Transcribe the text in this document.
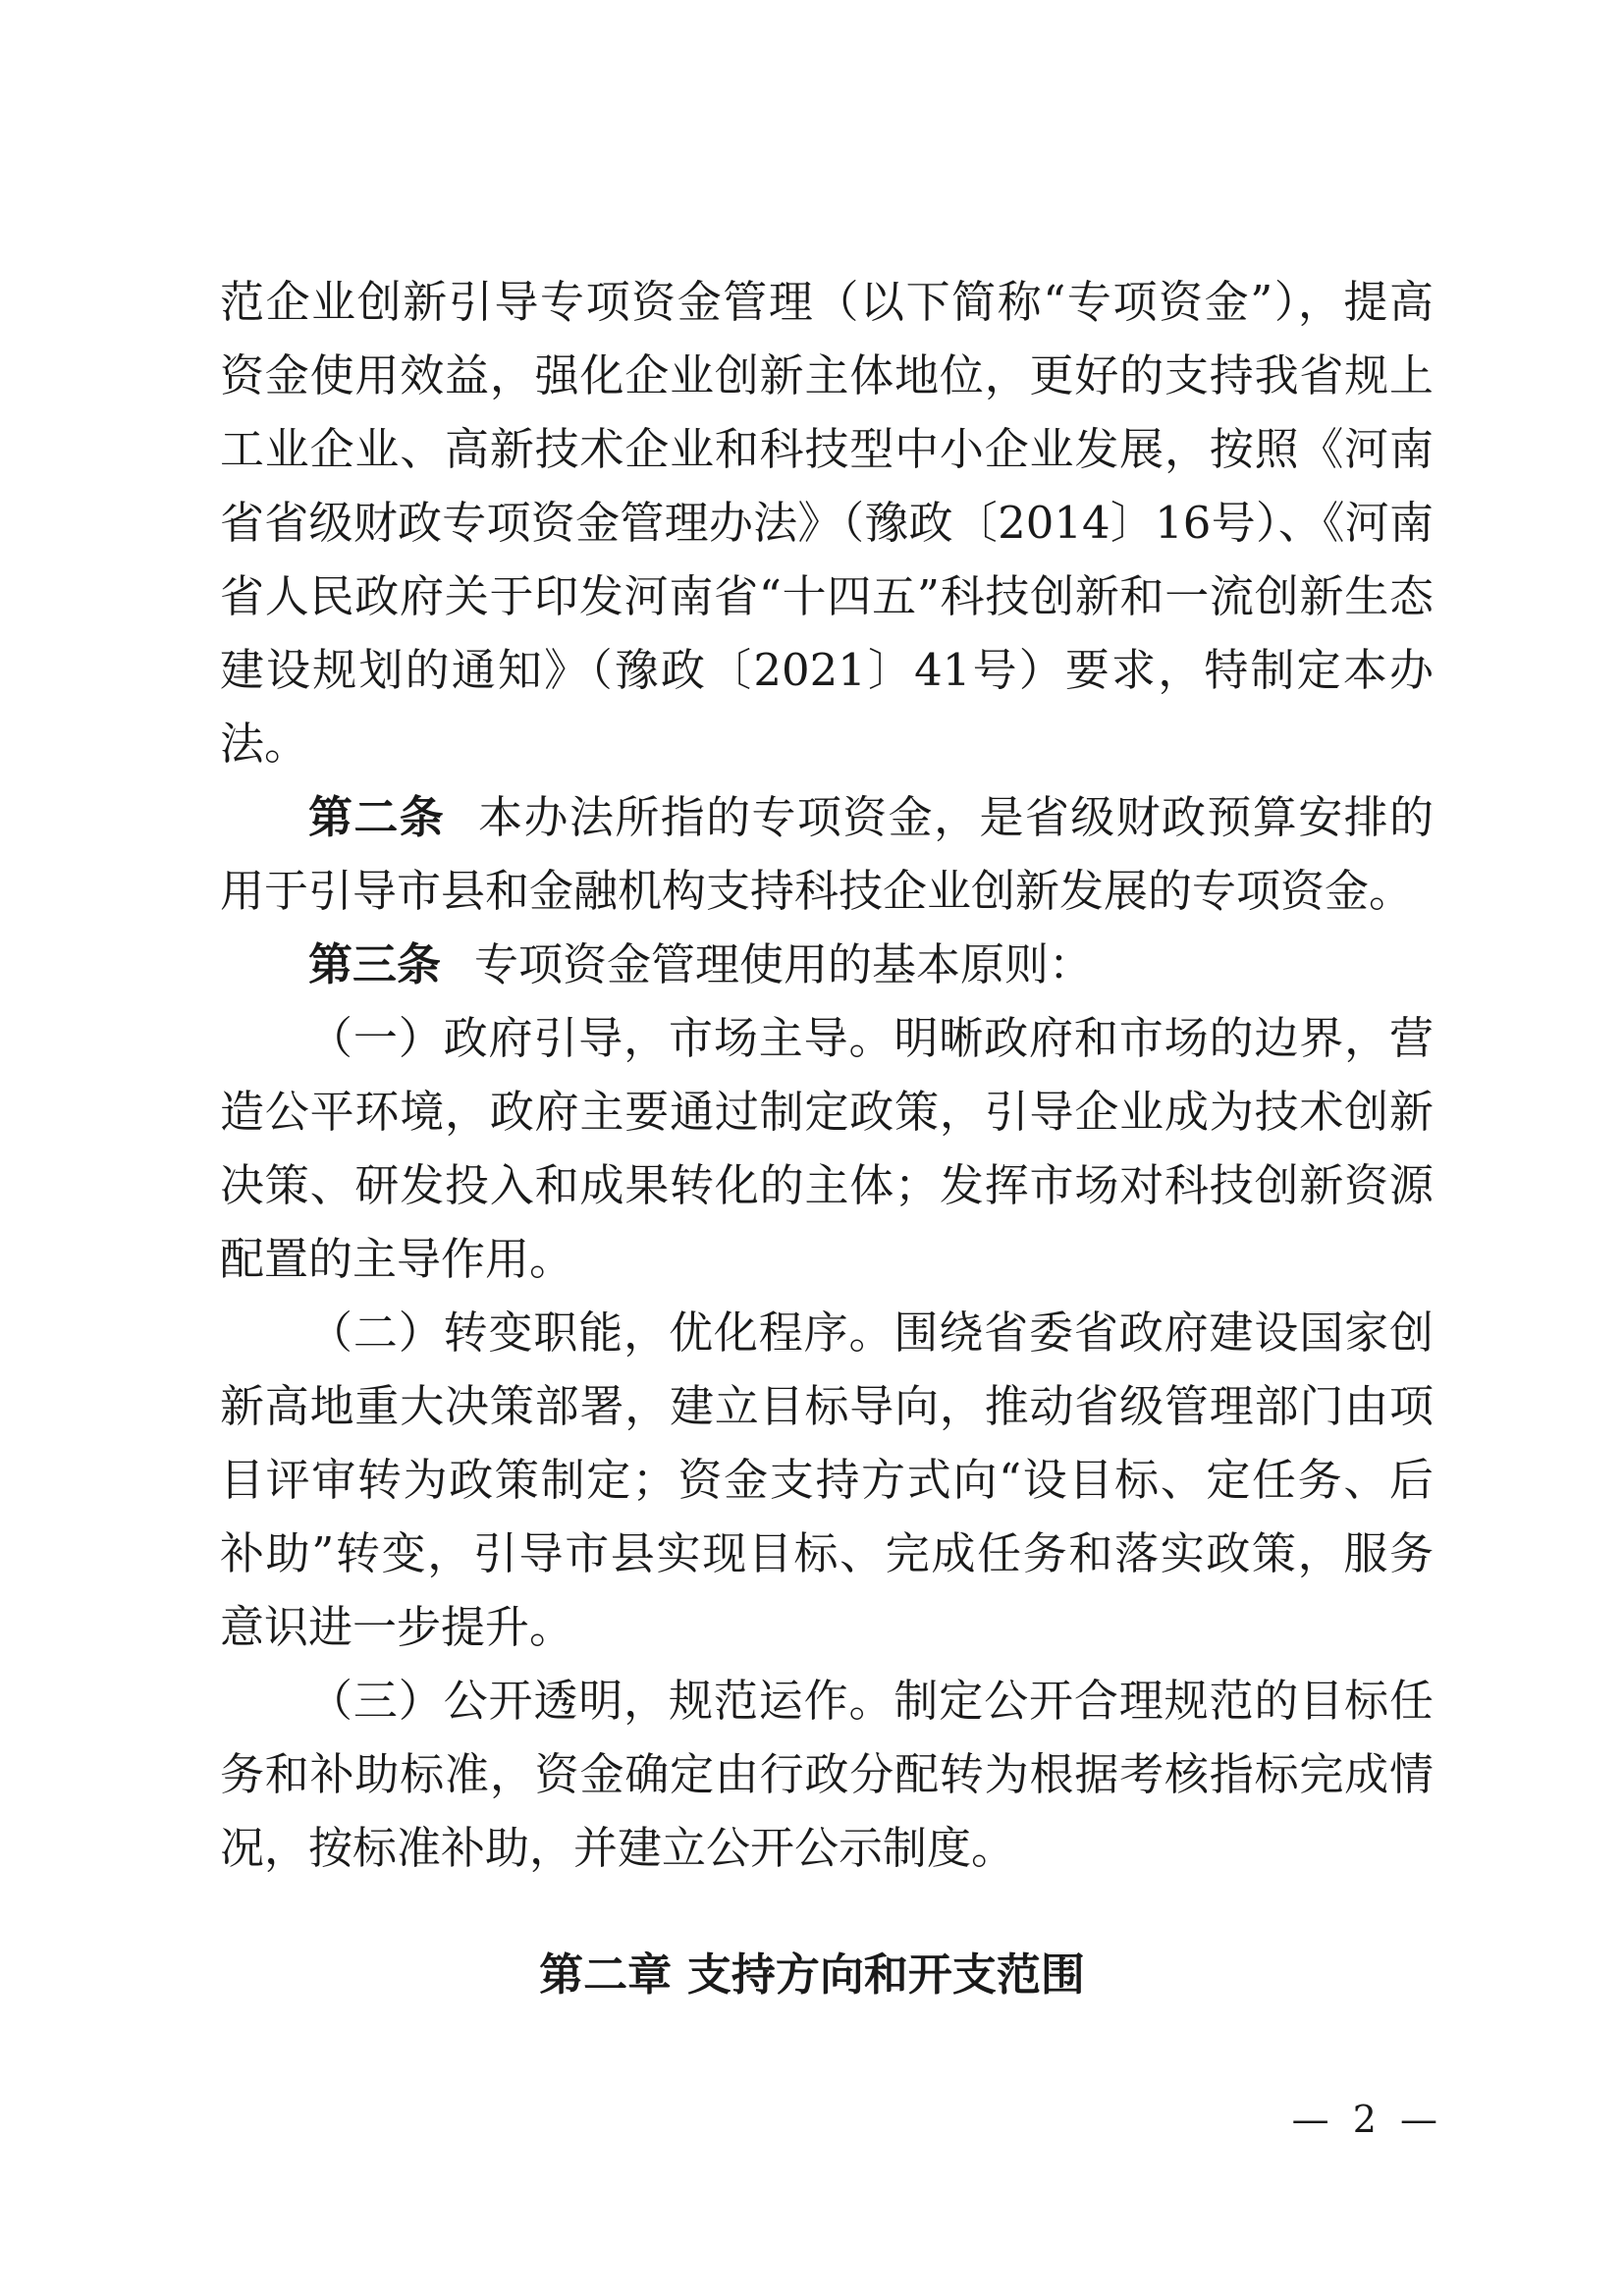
范企业创新引导专项资金管理（以下简称“专项资金”），提高资金使用效益，强化企业创新主体地位，更好的支持我省规上工业企业、高新技术企业和科技型中小企业发展，按照《河南省省级财政专项资金管理办法》（豫政〔2014〕16号）、《河南省人民政府关于印发河南省“十四五”科技创新和一流创新生态建设规划的通知》（豫政〔2021〕41号）要求，特制定本办法。

第二条 本办法所指的专项资金，是省级财政预算安排的用于引导市县和金融机构支持科技企业创新发展的专项资金。

第三条 专项资金管理使用的基本原则：

（一）政府引导，市场主导。明晰政府和市场的边界，营造公平环境，政府主要通过制定政策，引导企业成为技术创新决策、研发投入和成果转化的主体；发挥市场对科技创新资源配置的主导作用。

（二）转变职能，优化程序。围绕省委省政府建设国家创新高地重大决策部署，建立目标导向，推动省级管理部门由项目评审转为政策制定；资金支持方式向“设目标、定任务、后补助”转变，引导市县实现目标、完成任务和落实政策，服务意识进一步提升。

（三）公开透明，规范运作。制定公开合理规范的目标任务和补助标准，资金确定由行政分配转为根据考核指标完成情况，按标准补助，并建立公开公示制度。

第二章 支持方向和开支范围
— 2 —
